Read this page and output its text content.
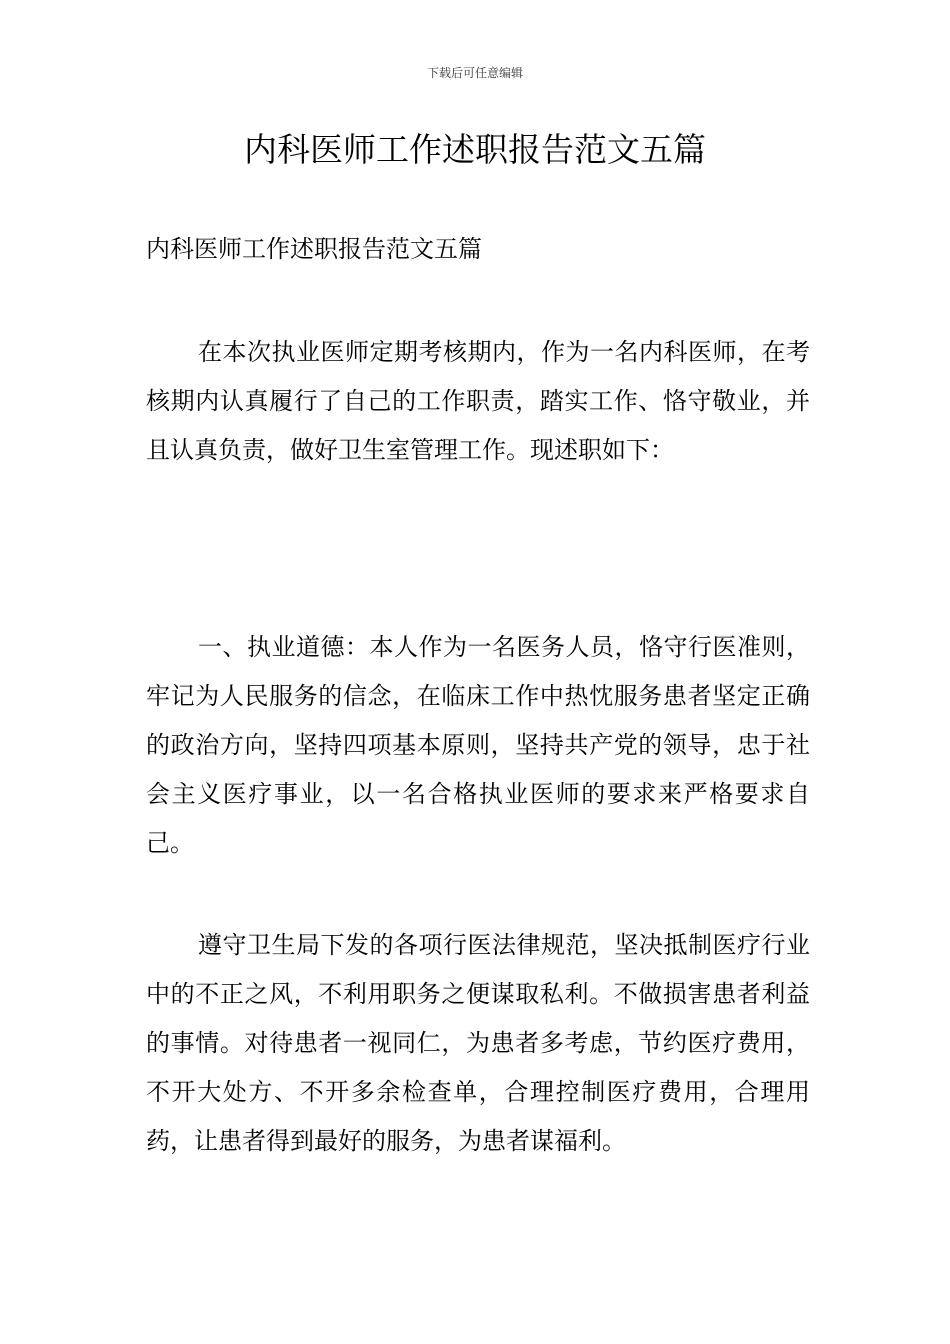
下载后可任意编辑
内科医师工作述职报告范文五篇
内科医师工作述职报告范文五篇

在本次执业医师定期考核期内，作为一名内科医师，在考核期内认真履行了自己的工作职责，踏实工作、恪守敬业，并且认真负责，做好卫生室管理工作。现述职如下：

一、执业道德：本人作为一名医务人员，恪守行医准则，牢记为人民服务的信念，在临床工作中热忱服务患者坚定正确的政治方向，坚持四项基本原则，坚持共产党的领导，忠于社会主义医疗事业，以一名合格执业医师的要求来严格要求自己。

遵守卫生局下发的各项行医法律规范，坚决抵制医疗行业中的不正之风，不利用职务之便谋取私利。不做损害患者利益的事情。对待患者一视同仁，为患者多考虑，节约医疗费用，不开大处方、不开多余检查单，合理控制医疗费用，合理用药，让患者得到最好的服务，为患者谋福利。
